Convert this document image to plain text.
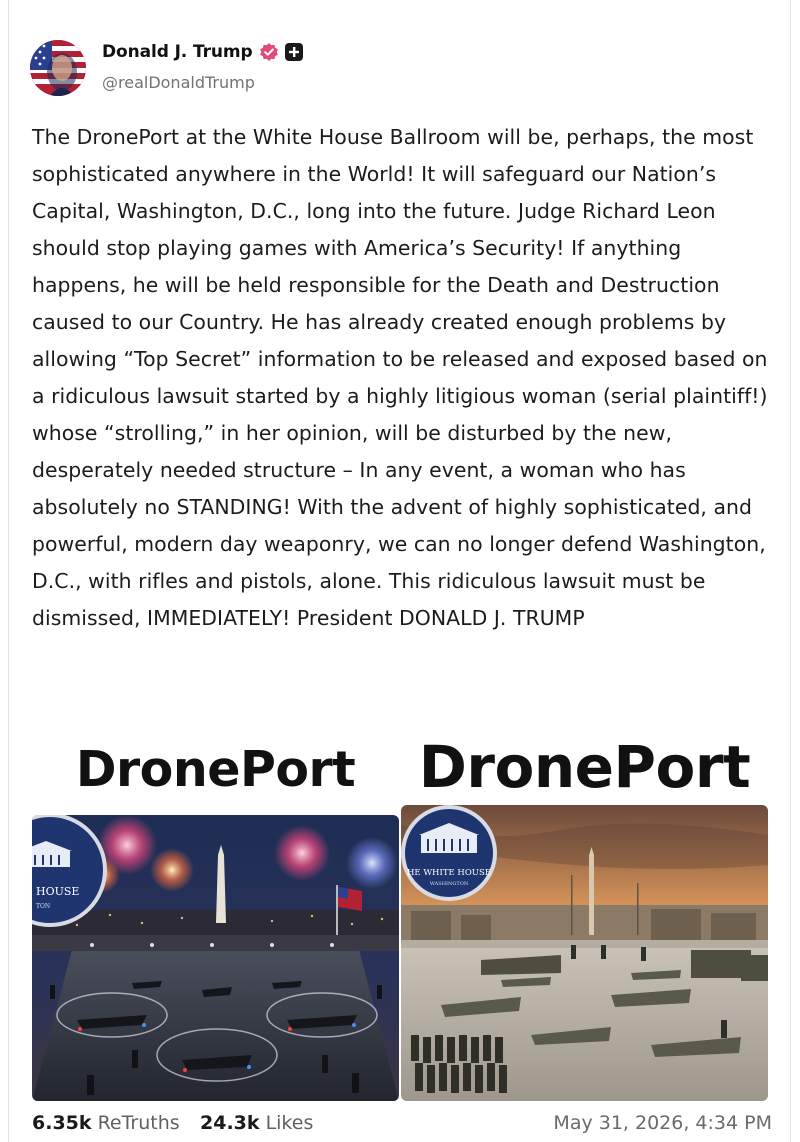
Donald J. Trump
@realDonaldTrump
The DronePort at the White House Ballroom will be, perhaps, the most sophisticated anywhere in the World! It will safeguard our Nation’s Capital, Washington, D.C., long into the future. Judge Richard Leon should stop playing games with America’s Security! If anything happens, he will be held responsible for the Death and Destruction caused to our Country. He has already created enough problems by allowing “Top Secret” information to be released and exposed based on a ridiculous lawsuit started by a highly litigious woman (serial plaintiff!) whose “strolling,” in her opinion, will be disturbed by the new, desperately needed structure – In any event, a woman who has absolutely no STANDING! With the advent of highly sophisticated, and powerful, modern day weaponry, we can no longer defend Washington, D.C., with rifles and pistols, alone. This ridiculous lawsuit must be dismissed, IMMEDIATELY! President DONALD J. TRUMP
DronePort
HOUSE
TON
DronePort
HE WHITE HOUSE
WASHINGTON
6.35k ReTruths 24.3k Likes	May 31, 2026, 4:34 PM
